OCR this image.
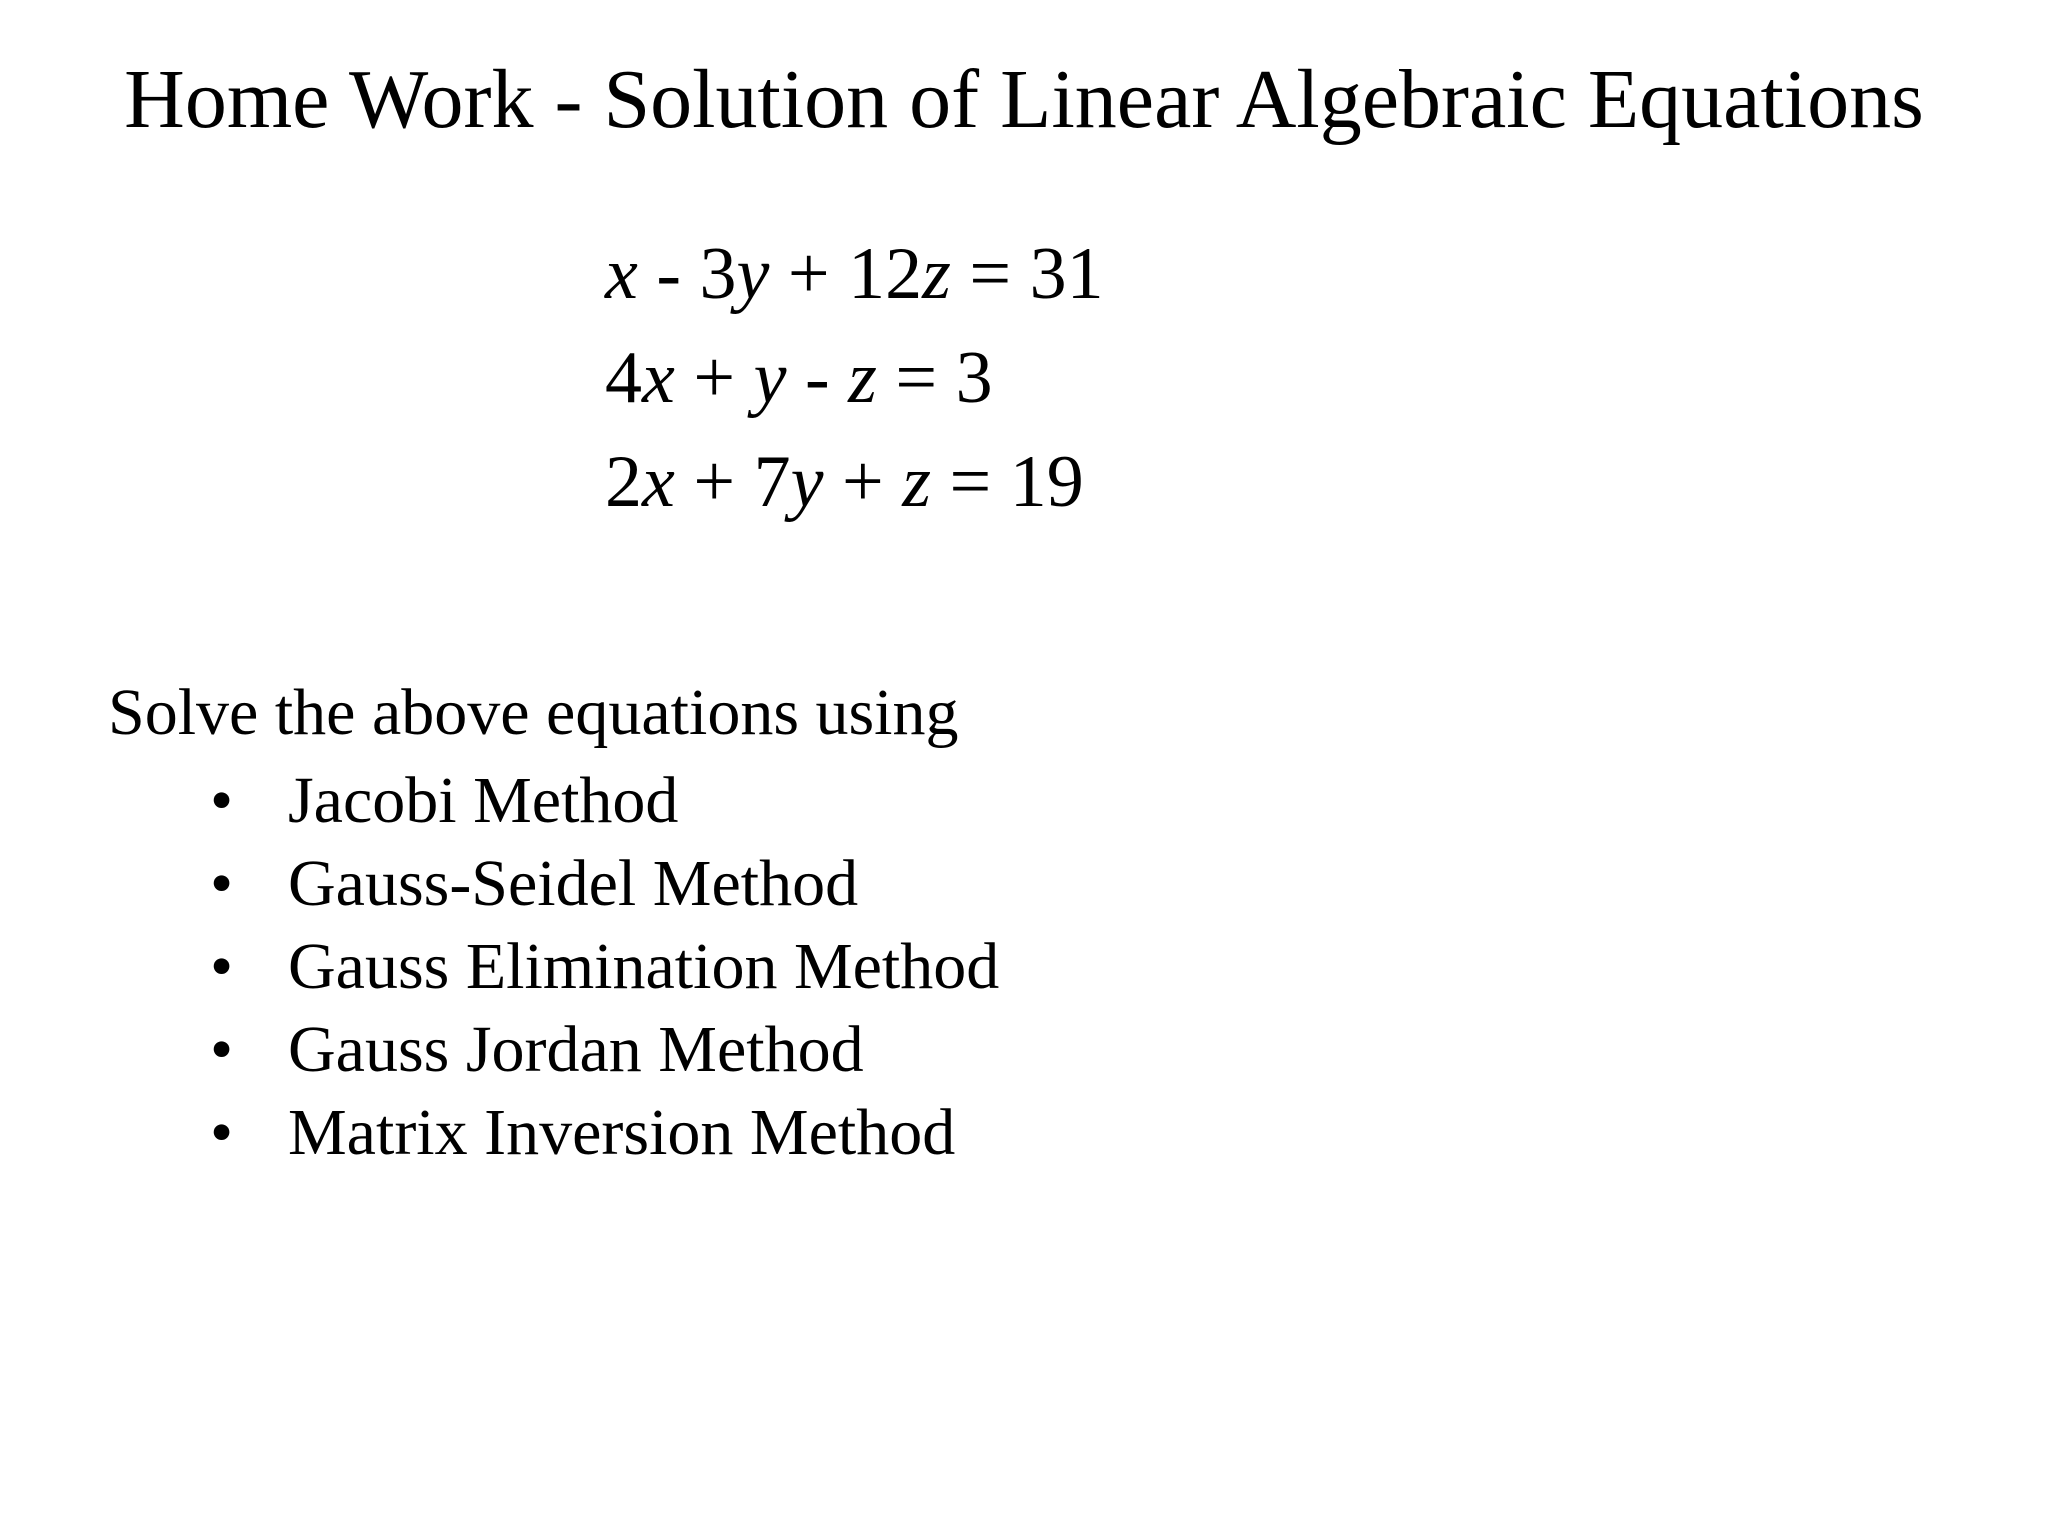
Home Work - Solution of Linear Algebraic Equations
x - 3y + 12z = 31
4x + y - z = 3
2x + 7y + z = 19
Solve the above equations using
• Jacobi Method
• Gauss-Seidel Method
• Gauss Elimination Method
• Gauss Jordan Method
• Matrix Inversion Method
